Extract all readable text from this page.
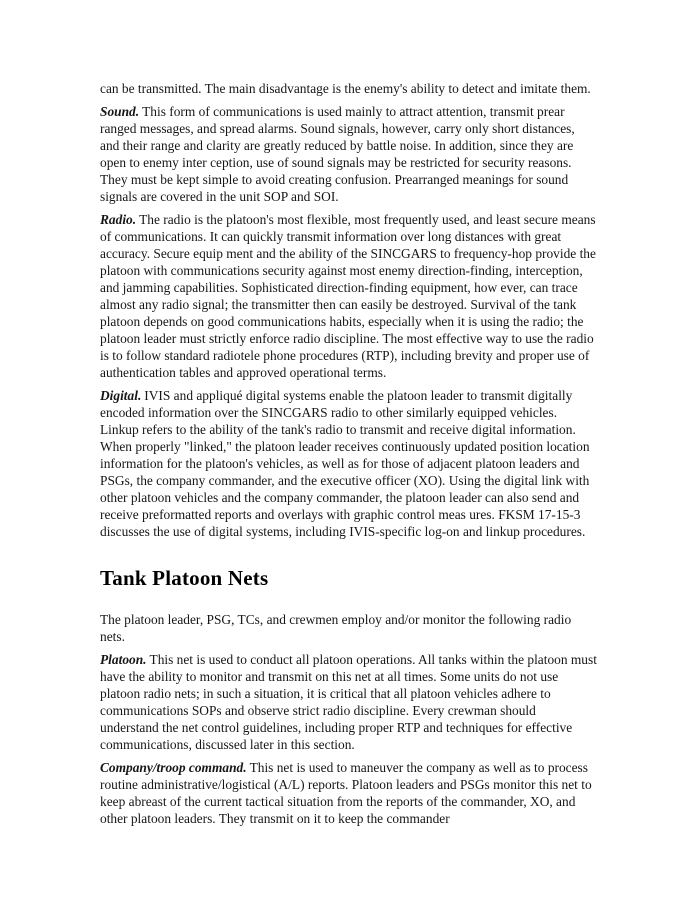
can be transmitted. The main disadvantage is the enemy's ability to detect and imitate them.

Sound. This form of communications is used mainly to attract attention, transmit prear ranged messages, and spread alarms. Sound signals, however, carry only short distances, and their range and clarity are greatly reduced by battle noise. In addition, since they are open to enemy inter ception, use of sound signals may be restricted for security reasons. They must be kept simple to avoid creating confusion. Prearranged meanings for sound signals are covered in the unit SOP and SOI.

Radio. The radio is the platoon's most flexible, most frequently used, and least secure means of communications. It can quickly transmit information over long distances with great accuracy. Secure equip ment and the ability of the SINCGARS to frequency-hop provide the platoon with communications security against most enemy direction-finding, interception, and jamming capabilities. Sophisticated direction-finding equipment, how ever, can trace almost any radio signal; the transmitter then can easily be destroyed. Survival of the tank platoon depends on good communications habits, especially when it is using the radio; the platoon leader must strictly enforce radio discipline. The most effective way to use the radio is to follow standard radiotele phone procedures (RTP), including brevity and proper use of authentication tables and approved operational terms.

Digital. IVIS and appliqué digital systems enable the platoon leader to transmit digitally encoded information over the SINCGARS radio to other similarly equipped vehicles. Linkup refers to the ability of the tank's radio to transmit and receive digital information. When properly "linked," the platoon leader receives continuously updated position location information for the platoon's vehicles, as well as for those of adjacent platoon leaders and PSGs, the company commander, and the executive officer (XO). Using the digital link with other platoon vehicles and the company commander, the platoon leader can also send and receive preformatted reports and overlays with graphic control meas ures. FKSM 17-15-3 discusses the use of digital systems, including IVIS-specific log-on and linkup procedures.

Tank Platoon Nets

The platoon leader, PSG, TCs, and crewmen employ and/or monitor the following radio nets.

Platoon. This net is used to conduct all platoon operations. All tanks within the platoon must have the ability to monitor and transmit on this net at all times. Some units do not use platoon radio nets; in such a situation, it is critical that all platoon vehicles adhere to communications SOPs and observe strict radio discipline. Every crewman should understand the net control guidelines, including proper RTP and techniques for effective communications, discussed later in this section.

Company/troop command. This net is used to maneuver the company as well as to process routine administrative/logistical (A/L) reports. Platoon leaders and PSGs monitor this net to keep abreast of the current tactical situation from the reports of the commander, XO, and other platoon leaders. They transmit on it to keep the commander
